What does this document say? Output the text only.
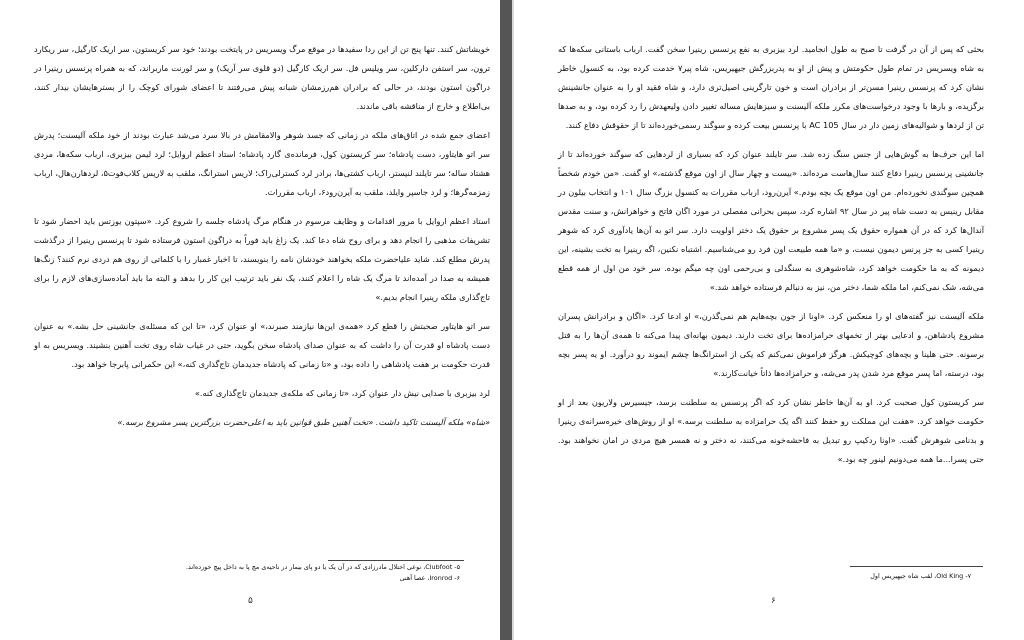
خویشاتش کنند. تنها پنج تن از این ردا سفیدها در موقع مرگ ویسریس در پایتخت بودند؛ خود سر کریستون، سر اریک کارگیل، سر ریکارد ترون، سر استفن دارکلین، سر ویلیس فل. سر اریک کارگیل (دو قلوی سر آریک) و سر لورنت ماربراند، که به همراه پرنسس رینیرا در دراگون استون بودند، در حالی که برادران هم‌رزمشان شبانه پیش می‌رفتند تا اعضای شورای کوچک را از بسترهایشان بیدار کنند، بی‌اطلاع و خارج از مناقشه باقی ماندند.

اعضای جمع شده در اتاق‌های ملکه در زمانی که جسد شوهر والامقامش در بالا سرد می‌شد عبارت بودند از خود ملکه آلیسنت؛ پدرش سر اتو هایتاور، دست پادشاه؛ سر کریستون کول، فرمانده‌ی گارد پادشاه؛ استاد اعظم اروایل؛ لرد لیمن بیزبری، ارباب سکه‌ها، مردی هشتاد ساله؛ سر تایلند لنیستر، ارباب کشتی‌ها، برادر لرد کسترلی‌راک؛ لاریس استرانگ، ملقب به لاریس کلاب‌فوت۵، لرد‌هارن‌هال، ارباب زمزمه‌گرها؛ و لرد جاسپر وایلد، ملقب به آیرن‌رود۶، ارباب مقررات.

استاد اعظم اروایل با مرور اقدامات و وظایف مرسوم در هنگام مرگ پادشاه جلسه را شروع کرد. «سپتون یوزتس باید احضار شود تا تشریفات مذهبی را انجام دهد و برای روح شاه دعا کند. یک زاغ باید فوراً به دراگون استون فرستاده شود تا پرنسس رینیرا از درگذشت پدرش مطلع کند. شاید علیاحضرت ملکه بخواهند خودشان نامه را بنویسند، تا اخبار غمبار را با کلماتی از روی هم دردی نرم کنند؟ زنگ‌ها همیشه به صدا در آمده‌اند تا مرگ یک شاه را اعلام کنند، یک نفر باید ترتیب این کار را بدهد و البته ما باید آماده‌سازی‌های لازم را برای تاج‌گذاری ملکه رینیرا انجام بدیم.»

سر اتو هایتاور صحبتش را قطع کرد «همه‌ی این‌ها نیازمند صبرند،» او عنوان کرد، «تا این که مسئله‌ی جانشینی حل بشه.» به عنوان دست پادشاه او قدرت آن را داشت که به عنوان صدای پادشاه سخن بگوید، حتی در غیاب شاه روی تخت آهنین بنشیند. ویسریس به او قدرت حکومت بر هفت پادشاهی را داده بود، و «تا زمانی که پادشاه جدیدمان تاج‌گذاری کنه،» این حکمرانی پابرجا خواهد بود.

لرد بیزبری با صدایی نیش دار عنوان کرد، «تا زمانی که ملکه‌ی جدیدمان تاج‌گذاری کنه.»

«شاه» ملکه آلیسنت تاکید داشت. «تخت آهنین طبق قوانین باید به اعلی‌حضرت بزرگترین پسر مشروع برسه.»

۵- Clubfoot، نوعی اختلال مادرزادی که در آن یک یا دو پای بیمار در ناحیه‌ی مچ پا به داخل پیچ خورده‌اند.
۶- Ironrod، عصا آهنی
۵

بحثی که پس از آن در گرفت تا صبح به طول انجامید. لرد بیزبری به نفع پرنسس رینیرا سخن گفت. ارباب باستانی سکه‌ها که به شاه ویسریس در تمام طول حکومتش و پیش از او به پدربزرگش جیهیریس، شاه پیر۷ خدمت کرده بود، به کنسول خاطر نشان کرد که پرنسس رینیرا مسن‌تر از برادران است و خون تارگرینی اصیل‌تری دارد، و شاه فقید او را به عنوان جانشینش برگزیده، و بارها با وجود درخواست‌های مکرر ملکه آلیسنت و سیزهایش مساله تغییر دادن ولیعهدش را رد کرده بود، و به صدها تن از لردها و شوالیه‌های زمین دار در سال 105 AC با پرنسس بیعت کرده و سوگند رسمی‌خورده‌اند تا از حقوقش دفاع کنند.

اما این حرف‌ها به گوش‌هایی از جنس سنگ زده شد. سر تایلند عنوان کرد که بسیاری از لردهایی که سوگند خورده‌اند تا از جانشینی پرنسس رینیرا دفاع کنند سال‌هاست مرده‌اند. «بیست و چهار سال از اون موقع گذشته،» او گفت. «من خودم شخصاً همچین سوگندی نخورده‌ام. من اون موقع یک بچه بودم.» آیرن‌رود، ارباب مقررات به کنسول بزرگ سال ۱۰۱ و انتخاب بیلون در مقابل رینیس به دست شاه پیر در سال ۹۲ اشاره کرد، سپس بحرانی مفصلی در مورد اگان فاتح و خواهرانش، و سنت مقدس آندال‌ها کرد که در آن همواره حقوق یک پسر مشروع بر حقوق یک دختر اولویت دارد. سر اتو به آن‌ها یادآوری کرد که شوهر رینیرا کسی به جز پرنس دیمون نیست، و «ما همه طبیعت اون فرد رو می‌شناسیم. اشتباه نکنین، اگه رینیرا به تخت بشینه، این دیمونه که به ما حکومت خواهد کرد، شاه‌شوهری به سنگدلی و بی‌رحمی اون چه میگم بوده. سر خود من اول از همه قطع می‌شه، شک نمی‌کنم، اما ملکه شما، دختر من، نیز به دنبالم فرستاده خواهد شد.»

ملکه آلیسنت نیز گفته‌های او را منعکس کرد. «اونا از جون بچه‌هایم هم نمی‌گذرن،» او ادعا کرد. «اگان و برادرانش پسران مشروع پادشاهن، و ادعایی بهتر از تخمهای حرامزاده‌ها برای تخت دارند. دیمون بهانه‌ای پیدا می‌کنه تا همه‌ی آن‌ها را به قتل برسونه. حتی هلینا و بچه‌های کوچیکش. هرگز فراموش نمی‌کنم که یکی از استرانگ‌ها چشم ایموند رو درآورد. او یه پسر بچه بود، درسته، اما پسر موقع مرد شدن پدر می‌شه، و حرامزاده‌ها ذاتاً خیانت‌کارند.»

سر کریستون کول صحبت کرد. او به آن‌ها خاطر نشان کرد که اگر پرنسس به سلطنت برسد، جیسیرس ولاریون بعد از او حکومت خواهد کرد. «هفت این مملکت رو حفظ کنند اگه یک حرامزاده به سلطنت برسه.» او از روش‌های خیره‌سرانه‌ی رینیرا و بدنامی شوهرش گفت. «اونا ردکیپ رو تبدیل به فاحشه‌خونه می‌کنند، نه دختر و نه همسر هیچ مردی در امان نخواهند بود. حتی پسرا...ما همه می‌دونیم لینور چه بود.»

۷- Old King، لقب شاه جیهیریس اول
۶
